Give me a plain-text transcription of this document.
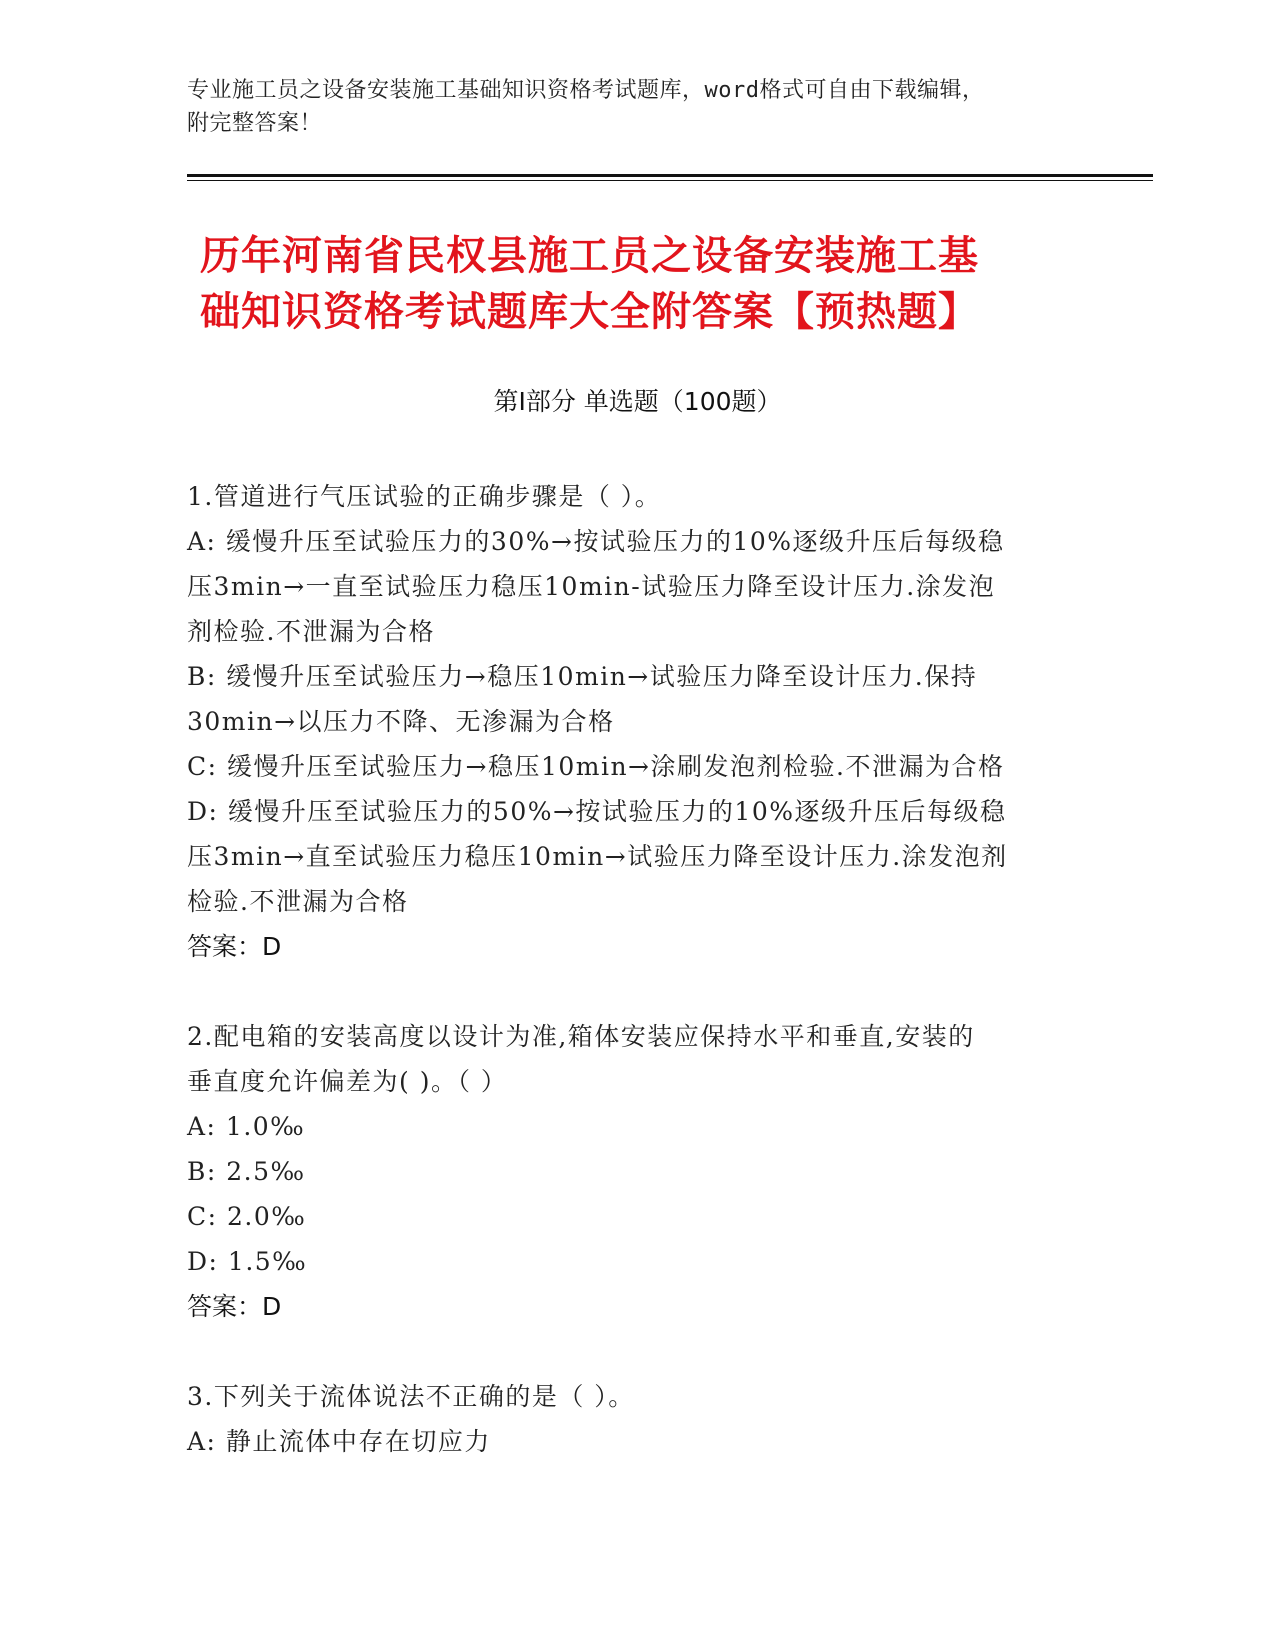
专业施工员之设备安装施工基础知识资格考试题库，word格式可自由下载编辑，
附完整答案！
历年河南省民权县施工员之设备安装施工基
础知识资格考试题库大全附答案【预热题】
第Ⅰ部分 单选题（100题）

1.管道进行气压试验的正确步骤是（ ）。

A: 缓慢升压至试验压力的30%→按试验压力的10%逐级升压后每级稳

压3min→一直至试验压力稳压10min-试验压力降至设计压力.涂发泡

剂检验.不泄漏为合格

B: 缓慢升压至试验压力→稳压10min→试验压力降至设计压力.保持

30min→以压力不降、无渗漏为合格

C: 缓慢升压至试验压力→稳压10min→涂刷发泡剂检验.不泄漏为合格

D: 缓慢升压至试验压力的50%→按试验压力的10%逐级升压后每级稳

压3min→直至试验压力稳压10min→试验压力降至设计压力.涂发泡剂

检验.不泄漏为合格

答案：D

2.配电箱的安装高度以设计为准,箱体安装应保持水平和垂直,安装的

垂直度允许偏差为( )。（ ）

A: 1.0‰

B: 2.5‰

C: 2.0‰

D: 1.5‰

答案：D

3.下列关于流体说法不正确的是（ ）。

A: 静止流体中存在切应力
